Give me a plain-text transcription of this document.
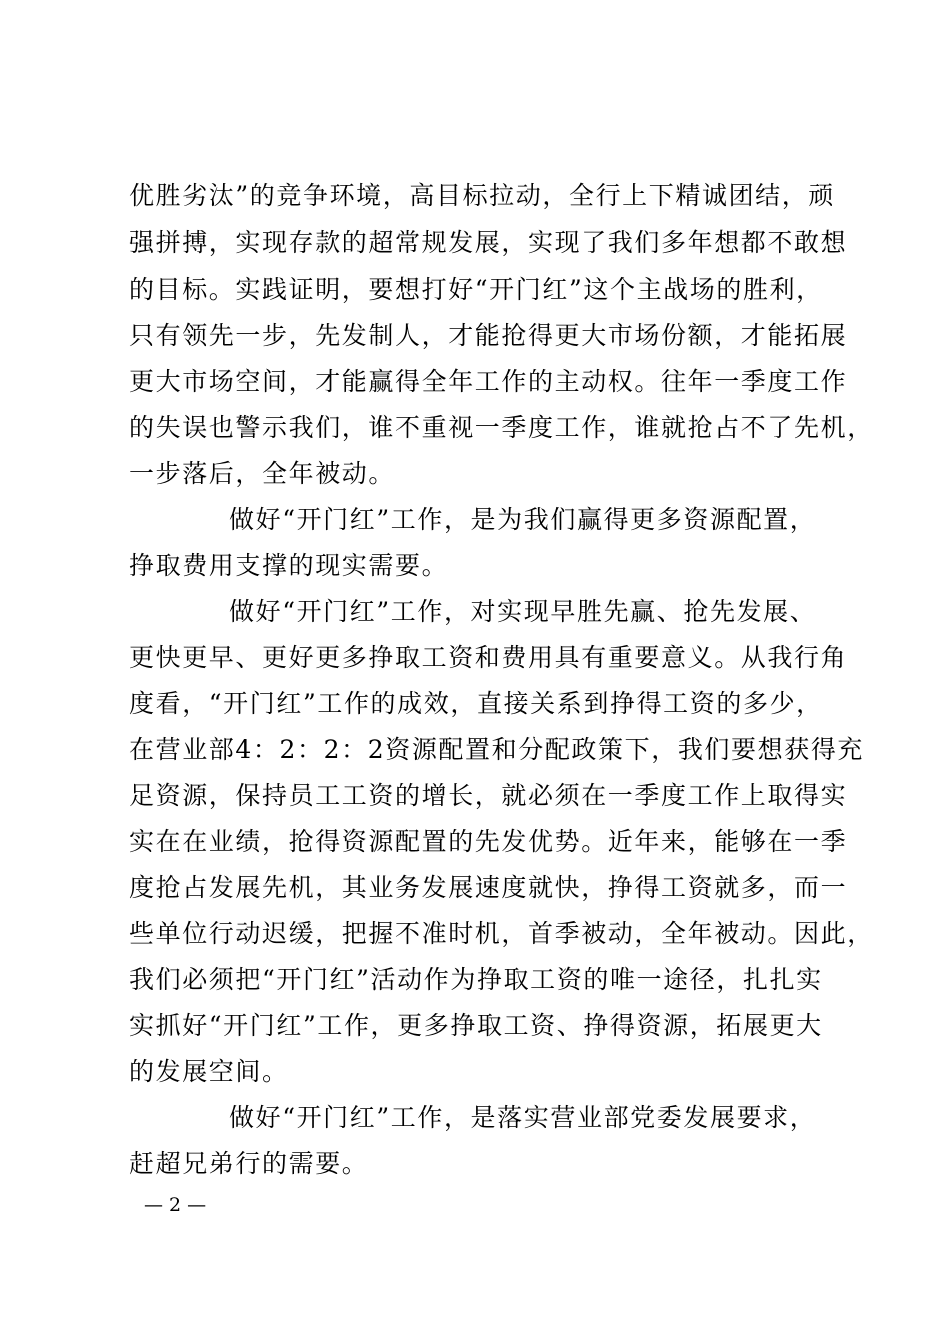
优胜劣汰”的竞争环境，高目标拉动，全行上下精诚团结，顽
强拼搏，实现存款的超常规发展，实现了我们多年想都不敢想
的目标。实践证明，要想打好“开门红”这个主战场的胜利，
只有领先一步，先发制人，才能抢得更大市场份额，才能拓展
更大市场空间，才能赢得全年工作的主动权。往年一季度工作
的失误也警示我们，谁不重视一季度工作，谁就抢占不了先机，
一步落后，全年被动。
做好“开门红”工作，是为我们赢得更多资源配置，
挣取费用支撑的现实需要。
做好“开门红”工作，对实现早胜先赢、抢先发展、
更快更早、更好更多挣取工资和费用具有重要意义。从我行角
度看，“开门红”工作的成效，直接关系到挣得工资的多少，
在营业部4：2：2：2资源配置和分配政策下，我们要想获得充
足资源，保持员工工资的增长，就必须在一季度工作上取得实
实在在业绩，抢得资源配置的先发优势。近年来，能够在一季
度抢占发展先机，其业务发展速度就快，挣得工资就多，而一
些单位行动迟缓，把握不准时机，首季被动，全年被动。因此，
我们必须把“开门红”活动作为挣取工资的唯一途径，扎扎实
实抓好“开门红”工作，更多挣取工资、挣得资源，拓展更大
的发展空间。
做好“开门红”工作，是落实营业部党委发展要求，
赶超兄弟行的需要。
— 2 —
